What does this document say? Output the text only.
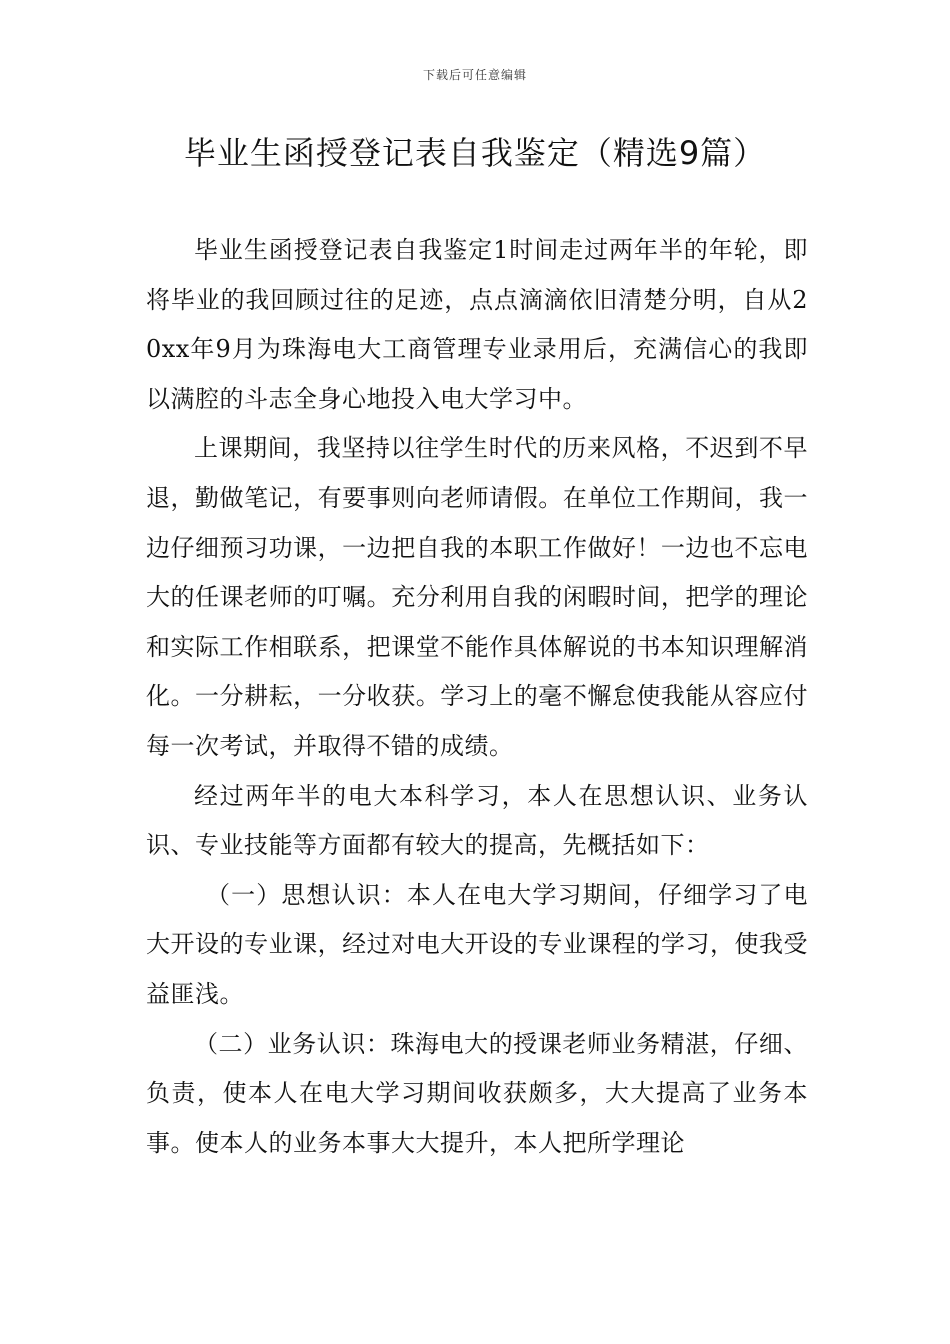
下载后可任意编辑
毕业生函授登记表自我鉴定（精选9篇）

毕业生函授登记表自我鉴定1时间走过两年半的年轮，即将毕业的我回顾过往的足迹，点点滴滴依旧清楚分明，自从20xx年9月为珠海电大工商管理专业录用后，充满信心的我即以满腔的斗志全身心地投入电大学习中。

上课期间，我坚持以往学生时代的历来风格，不迟到不早退，勤做笔记，有要事则向老师请假。在单位工作期间，我一边仔细预习功课，一边把自我的本职工作做好！一边也不忘电大的任课老师的叮嘱。充分利用自我的闲暇时间，把学的理论和实际工作相联系，把课堂不能作具体解说的书本知识理解消化。一分耕耘，一分收获。学习上的毫不懈怠使我能从容应付每一次考试，并取得不错的成绩。

经过两年半的电大本科学习，本人在思想认识、业务认识、专业技能等方面都有较大的提高，先概括如下：

（一）思想认识：本人在电大学习期间，仔细学习了电大开设的专业课，经过对电大开设的专业课程的学习，使我受益匪浅。

（二）业务认识：珠海电大的授课老师业务精湛，仔细、负责，使本人在电大学习期间收获颇多，大大提高了业务本事。使本人的业务本事大大提升，本人把所学理论
